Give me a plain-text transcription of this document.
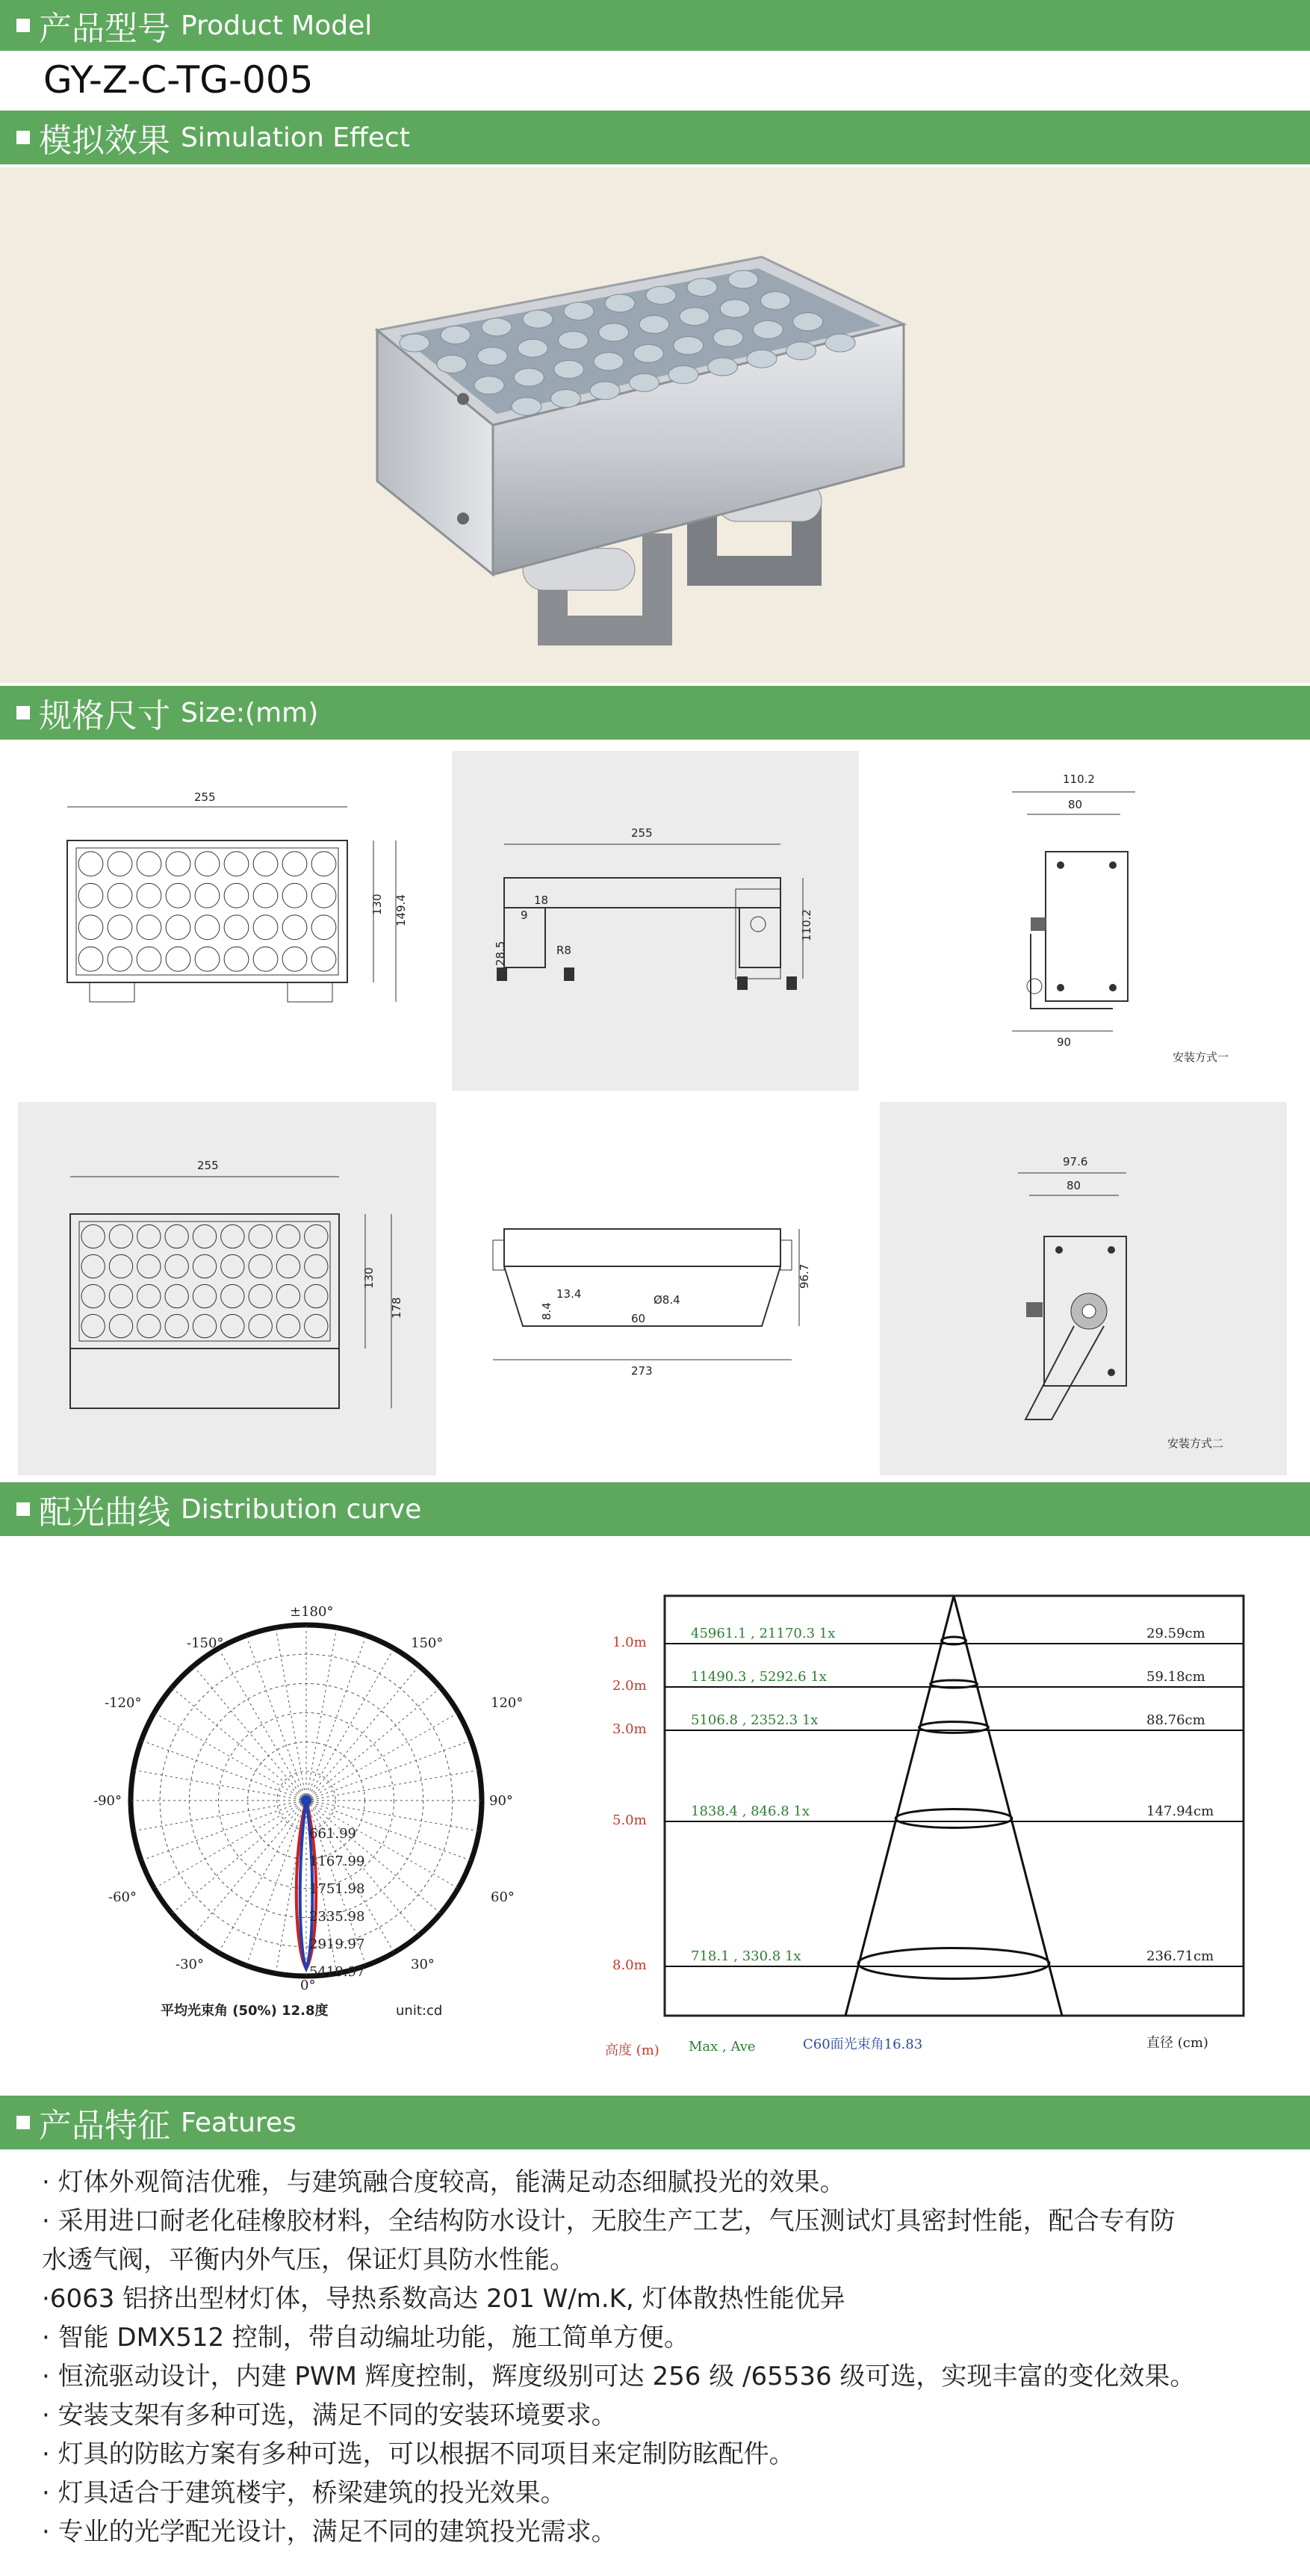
产品型号 Product Model
GY-Z-C-TG-005
模拟效果 Simulation Effect
规格尺寸 Size:(mm)
255
130 149.4
255
18
9
28.5	R8
110.2
110.2
80
90
安装方式一
255
130
178
13.4
8.4
Ø8.4
60
96.7
273
97.6
80
安装方式二
配光曲线 Distribution curve
±180°
-150°	150°
-120°	120°
-90°	90°
-60°	60°
-30°	30°
0°
661.99
1167.99
1751.98
2335.98
2919.97
5419.97
平均光束角 (50%) 12.8度	unit:cd
高度 (m)	直径 (cm)
Max , Ave	C60面光束角16.83
1.0m
45961.1 , 21170.3 1x	29.59cm
2.0m
11490.3 , 5292.6 1x	59.18cm
3.0m
5106.8 , 2352.3 1x	88.76cm
5.0m
1838.4 , 846.8 1x	147.94cm
8.0m
718.1 , 330.8 1x	236.71cm
产品特征 Features
· 灯体外观简洁优雅，与建筑融合度较高，能满足动态细腻投光的效果。
· 采用进口耐老化硅橡胶材料，全结构防水设计，无胶生产工艺，气压测试灯具密封性能，配合专有防
水透气阀，平衡内外气压，保证灯具防水性能。
·6063 铝挤出型材灯体，导热系数高达 201 W/m.K, 灯体散热性能优异
· 智能 DMX512 控制，带自动编址功能，施工简单方便。
· 恒流驱动设计，内建 PWM 辉度控制，辉度级别可达 256 级 /65536 级可选，实现丰富的变化效果。
· 安装支架有多种可选，满足不同的安装环境要求。
· 灯具的防眩方案有多种可选，可以根据不同项目来定制防眩配件。
· 灯具适合于建筑楼宇，桥梁建筑的投光效果。
· 专业的光学配光设计，满足不同的建筑投光需求。
